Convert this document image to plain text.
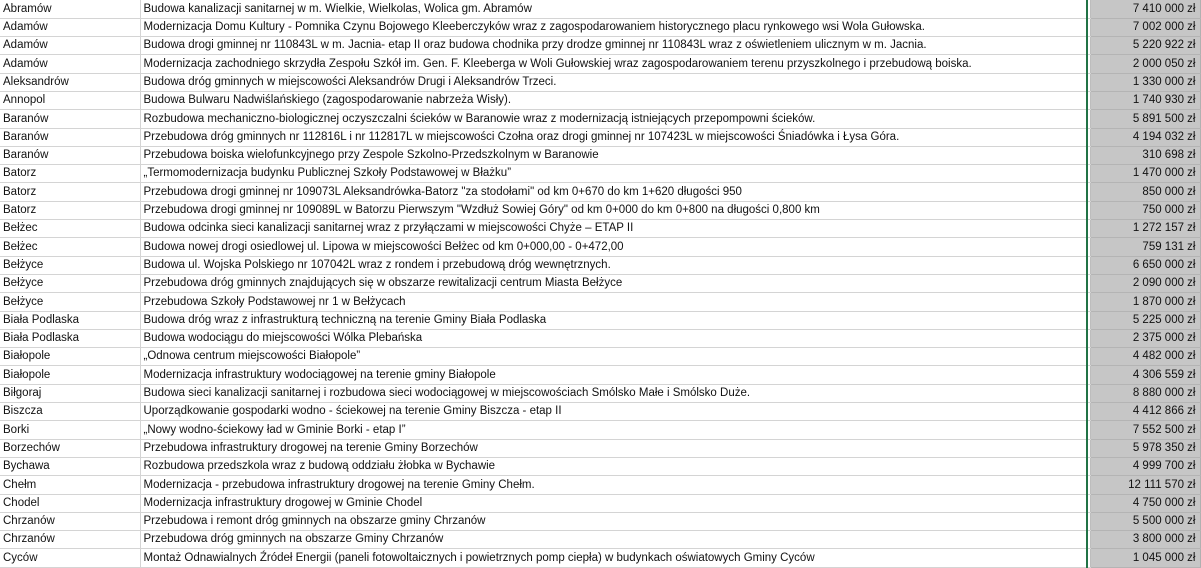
Abramów	Budowa kanalizacji sanitarnej w m. Wielkie, Wielkolas, Wolica gm. Abramów		7 410 000 zł
Adamów	Modernizacja Domu Kultury - Pomnika Czynu Bojowego Kleeberczyków wraz z zagospodarowaniem historycznego placu rynkowego wsi Wola Gułowska.		7 002 000 zł
Adamów	Budowa drogi gminnej nr 110843L w m. Jacnia- etap II oraz budowa chodnika przy drodze gminnej nr 110843L wraz z oświetleniem ulicznym w m. Jacnia.		5 220 922 zł
Adamów	Modernizacja zachodniego skrzydła Zespołu Szkół im. Gen. F. Kleeberga w Woli Gułowskiej wraz zagospodarowaniem terenu przyszkolnego i przebudową boiska.		2 000 050 zł
Aleksandrów	Budowa dróg gminnych w miejscowości Aleksandrów Drugi i Aleksandrów Trzeci.		1 330 000 zł
Annopol	Budowa Bulwaru Nadwiślańskiego (zagospodarowanie nabrzeża Wisły).		1 740 930 zł
Baranów	Rozbudowa mechaniczno-biologicznej oczyszczalni ścieków w Baranowie wraz z modernizacją istniejących przepompowni ścieków.		5 891 500 zł
Baranów	Przebudowa dróg gminnych nr 112816L i nr 112817L w miejscowości Czołna oraz drogi gminnej nr 107423L w miejscowości Śniadówka i Łysa Góra.		4 194 032 zł
Baranów	Przebudowa boiska wielofunkcyjnego przy Zespole Szkolno-Przedszkolnym w Baranowie		310 698 zł
Batorz	„Termomodernizacja budynku Publicznej Szkoły Podstawowej w Błażku”		1 470 000 zł
Batorz	Przebudowa drogi gminnej nr 109073L Aleksandrówka-Batorz "za stodołami" od km 0+670 do km 1+620 długości 950		850 000 zł
Batorz	Przebudowa drogi gminnej nr 109089L w Batorzu Pierwszym "Wzdłuż Sowiej Góry" od km 0+000 do km 0+800 na długości 0,800 km		750 000 zł
Bełżec	Budowa odcinka sieci kanalizacji sanitarnej wraz z przyłączami w miejscowości Chyże – ETAP II		1 272 157 zł
Bełżec	Budowa nowej drogi osiedlowej ul. Lipowa w miejscowości Bełżec od km 0+000,00 - 0+472,00		759 131 zł
Bełżyce	Budowa ul. Wojska Polskiego nr 107042L wraz z rondem i przebudową dróg wewnętrznych.		6 650 000 zł
Bełżyce	Przebudowa dróg gminnych znajdujących się w obszarze rewitalizacji centrum Miasta Bełżyce		2 090 000 zł
Bełżyce	Przebudowa Szkoły Podstawowej nr 1 w Bełżycach		1 870 000 zł
Biała Podlaska	Budowa dróg wraz z infrastrukturą techniczną na terenie Gminy Biała Podlaska		5 225 000 zł
Biała Podlaska	Budowa wodociągu do miejscowości Wólka Plebańska		2 375 000 zł
Białopole	„Odnowa centrum miejscowości Białopole”		4 482 000 zł
Białopole	Modernizacja infrastruktury wodociągowej na terenie gminy Białopole		4 306 559 zł
Biłgoraj	Budowa sieci kanalizacji sanitarnej i rozbudowa sieci wodociągowej w miejscowościach Smólsko Małe i Smólsko Duże.		8 880 000 zł
Biszcza	Uporządkowanie gospodarki wodno - ściekowej na terenie Gminy Biszcza - etap II		4 412 866 zł
Borki	„Nowy wodno-ściekowy ład w Gminie Borki - etap I”		7 552 500 zł
Borzechów	Przebudowa infrastruktury drogowej na terenie Gminy Borzechów		5 978 350 zł
Bychawa	Rozbudowa przedszkola wraz z budową oddziału żłobka w Bychawie		4 999 700 zł
Chełm	Modernizacja - przebudowa infrastruktury drogowej na terenie Gminy Chełm.		12 111 570 zł
Chodel	Modernizacja infrastruktury drogowej w Gminie Chodel		4 750 000 zł
Chrzanów	Przebudowa i remont dróg gminnych na obszarze gminy Chrzanów		5 500 000 zł
Chrzanów	Przebudowa dróg gminnych na obszarze Gminy Chrzanów		3 800 000 zł
Cyców	Montaż Odnawialnych Źródeł Energii (paneli fotowoltaicznych i powietrznych pomp ciepła) w budynkach oświatowych Gminy Cyców		1 045 000 zł
